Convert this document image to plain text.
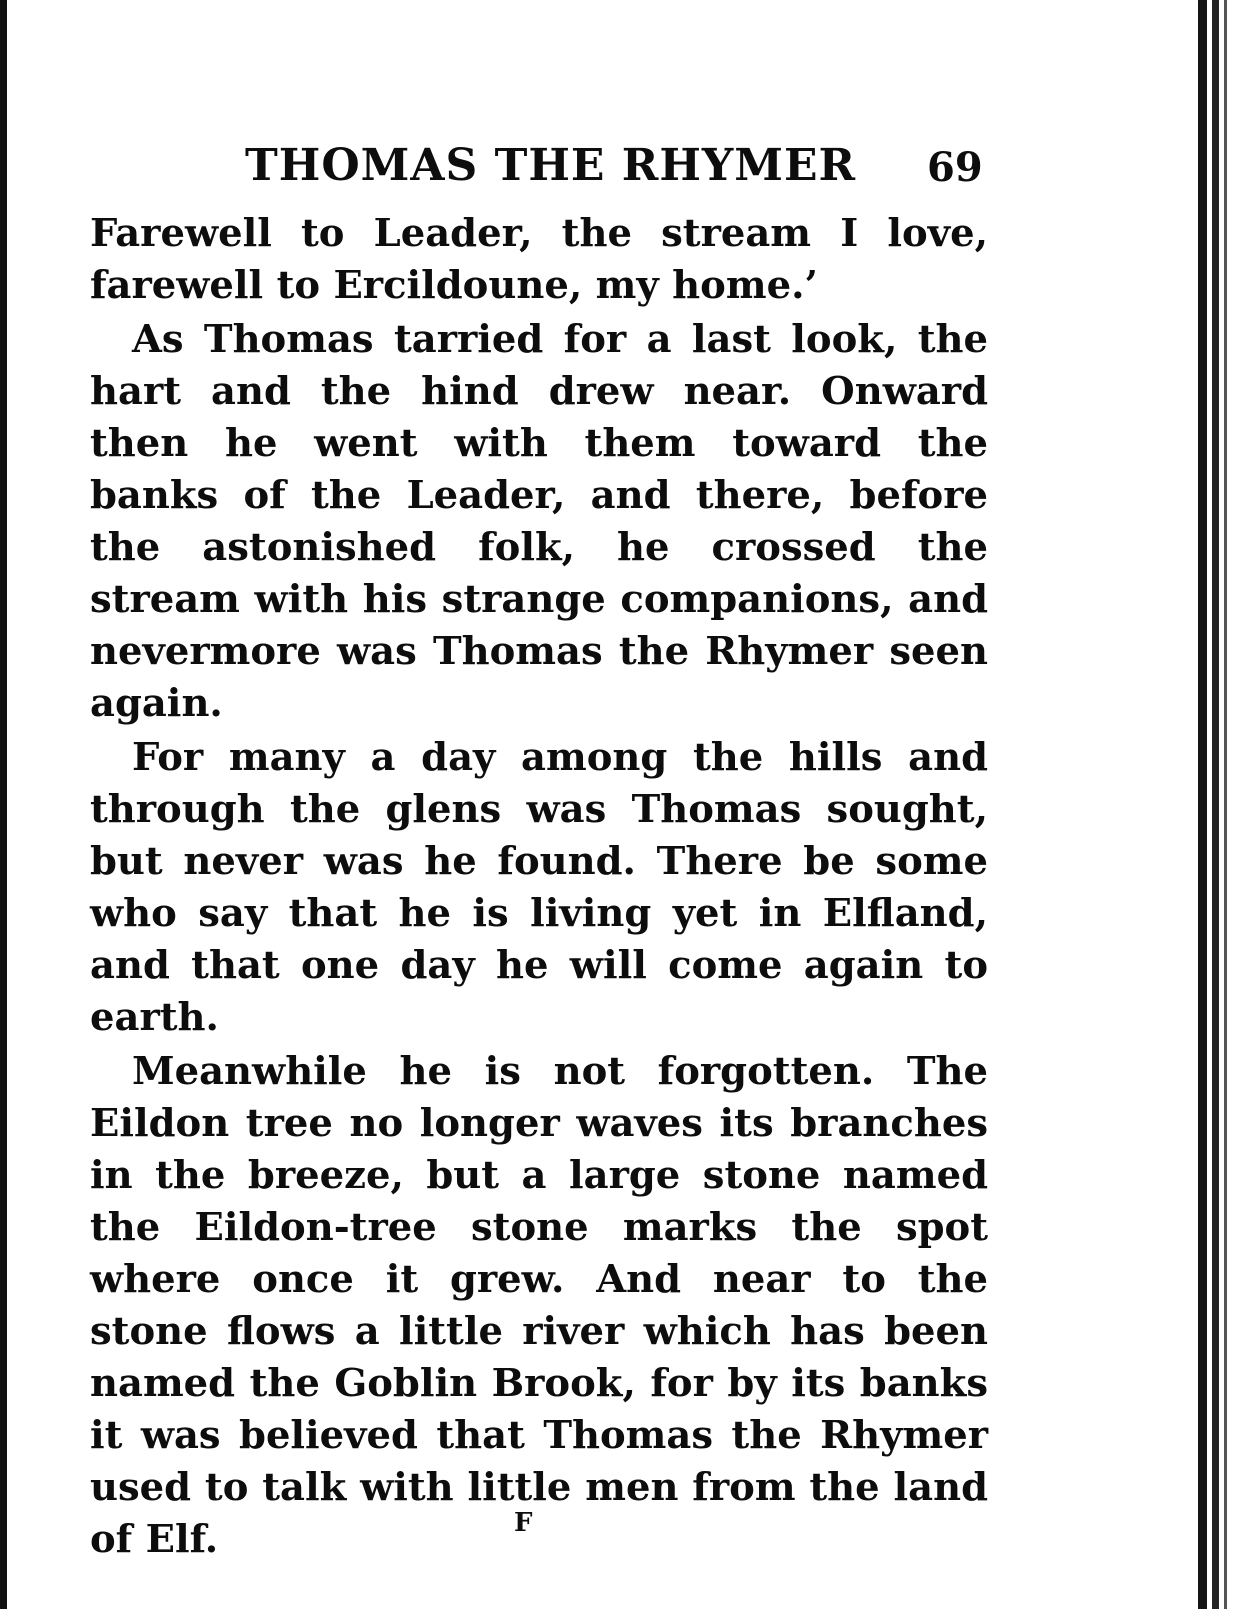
THOMAS THE RHYMER 69

Farewell to Leader, the stream I love, farewell to Ercildoune, my home.’

As Thomas tarried for a last look, the hart and the hind drew near. Onward then he went with them toward the banks of the Leader, and there, before the astonished folk, he crossed the stream with his strange companions, and nevermore was Thomas the Rhymer seen again.

For many a day among the hills and through the glens was Thomas sought, but never was he found. There be some who say that he is living yet in Elfland, and that one day he will come again to earth.

Meanwhile he is not forgotten. The Eildon tree no longer waves its branches in the breeze, but a large stone named the Eildon-tree stone marks the spot where once it grew. And near to the stone flows a little river which has been named the Goblin Brook, for by its banks it was believed that Thomas the Rhymer used to talk with little men from the land of Elf.	F
